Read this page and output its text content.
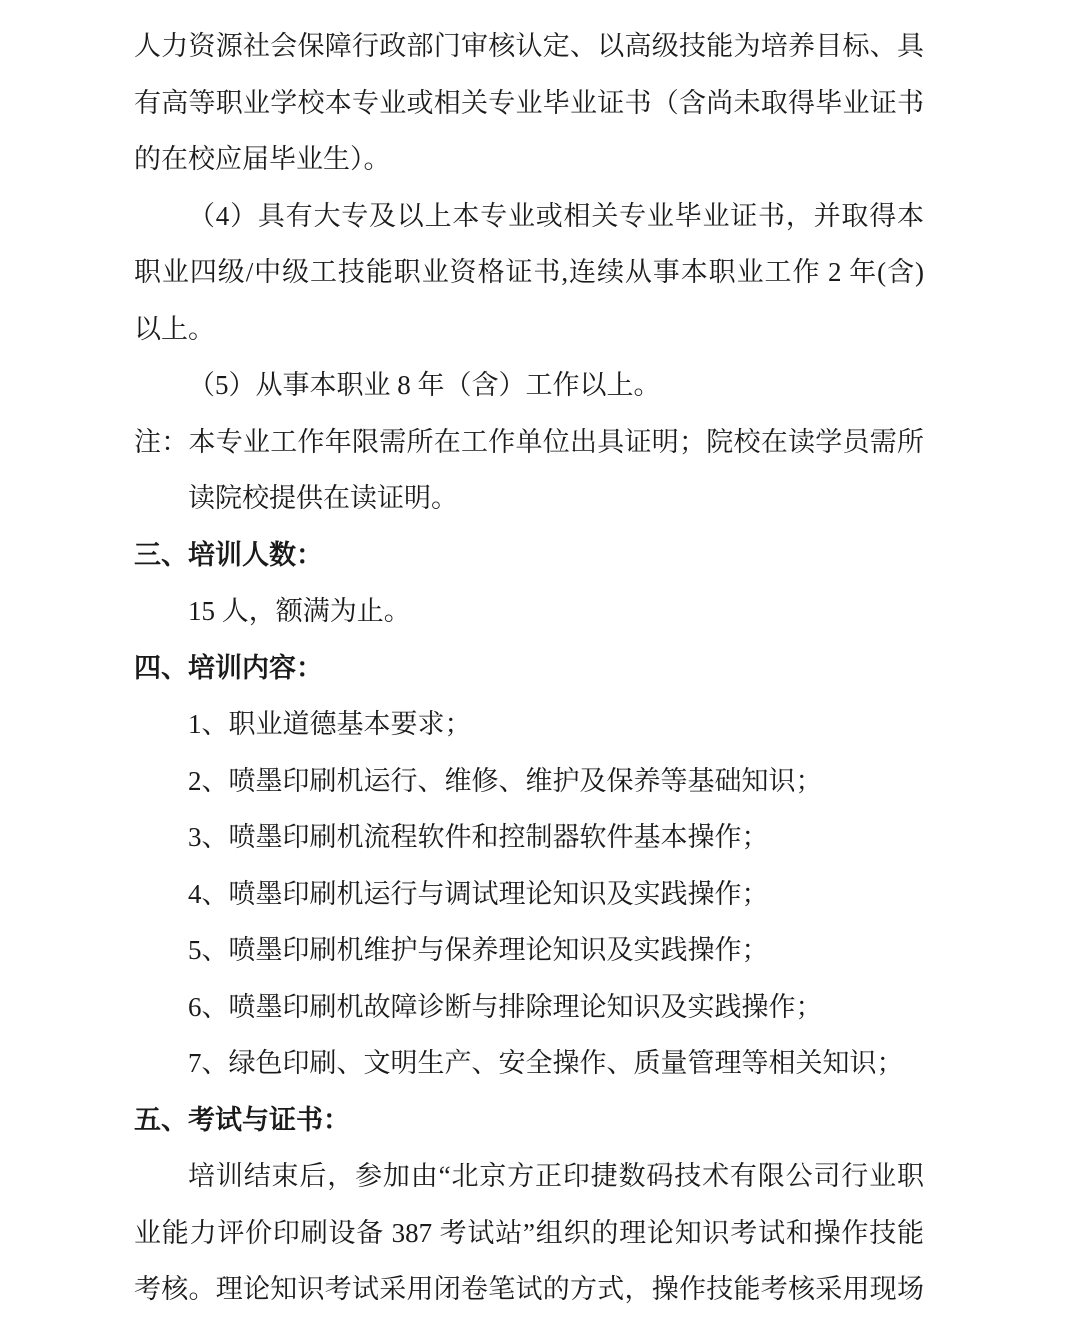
人力资源社会保障行政部门审核认定、以高级技能为培养目标、具
有高等职业学校本专业或相关专业毕业证书（含尚未取得毕业证书
的在校应届毕业生）。
（4）具有大专及以上本专业或相关专业毕业证书，并取得本
职业四级/中级工技能职业资格证书,连续从事本职业工作 2 年(含)
以上。
（5）从事本职业 8 年（含）工作以上。
注：本专业工作年限需所在工作单位出具证明；院校在读学员需所
读院校提供在读证明。
三、培训人数：
15 人，额满为止。
四、培训内容：
1、职业道德基本要求；
2、喷墨印刷机运行、维修、维护及保养等基础知识；
3、喷墨印刷机流程软件和控制器软件基本操作；
4、喷墨印刷机运行与调试理论知识及实践操作；
5、喷墨印刷机维护与保养理论知识及实践操作；
6、喷墨印刷机故障诊断与排除理论知识及实践操作；
7、绿色印刷、文明生产、安全操作、质量管理等相关知识；
五、考试与证书：
培训结束后，参加由“北京方正印捷数码技术有限公司行业职
业能力评价印刷设备 387 考试站”组织的理论知识考试和操作技能
考核。理论知识考试采用闭卷笔试的方式，操作技能考核采用现场
